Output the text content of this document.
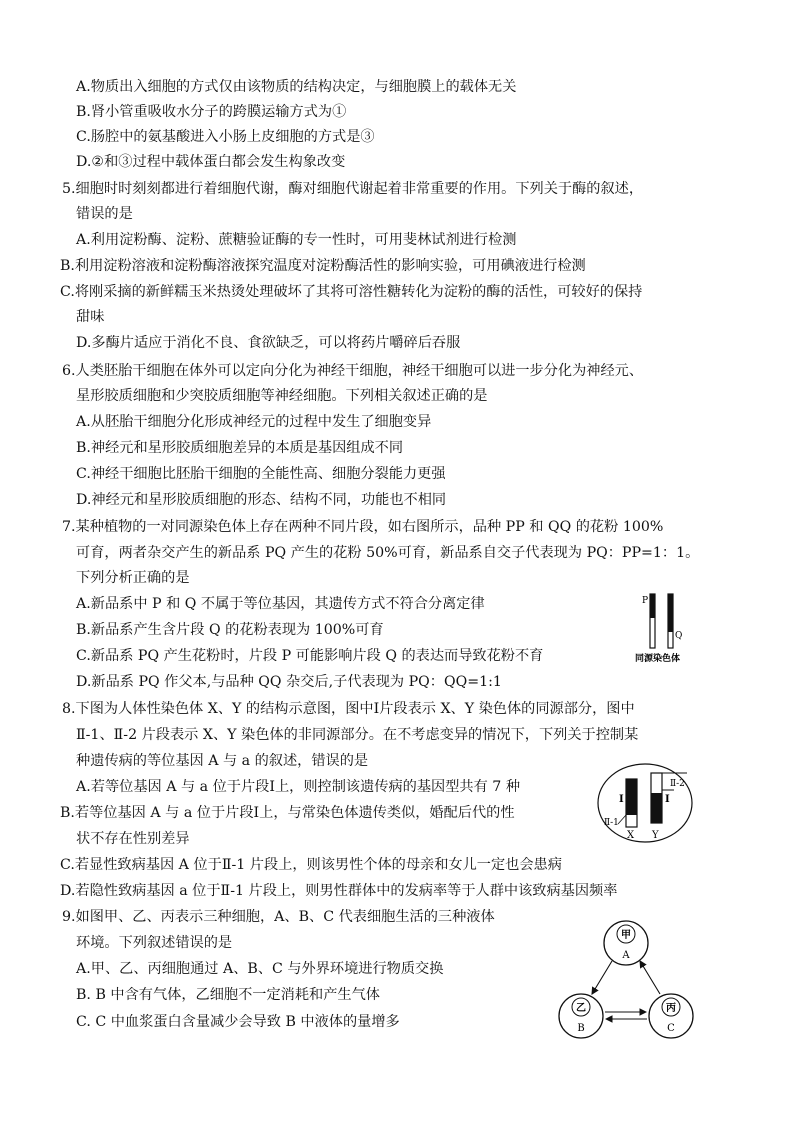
A.物质出入细胞的方式仅由该物质的结构决定，与细胞膜上的载体无关
B.肾小管重吸收水分子的跨膜运输方式为①
C.肠腔中的氨基酸进入小肠上皮细胞的方式是③
D.②和③过程中载体蛋白都会发生构象改变
5.细胞时时刻刻都进行着细胞代谢，酶对细胞代谢起着非常重要的作用。下列关于酶的叙述，
错误的是
A.利用淀粉酶、淀粉、蔗糖验证酶的专一性时，可用斐林试剂进行检测
B.利用淀粉溶液和淀粉酶溶液探究温度对淀粉酶活性的影响实验，可用碘液进行检测
C.将刚采摘的新鲜糯玉米热烫处理破坏了其将可溶性糖转化为淀粉的酶的活性，可较好的保持
甜味
D.多酶片适应于消化不良、食欲缺乏，可以将药片嚼碎后吞服
6.人类胚胎干细胞在体外可以定向分化为神经干细胞，神经干细胞可以进一步分化为神经元、
星形胶质细胞和少突胶质细胞等神经细胞。下列相关叙述正确的是
A.从胚胎干细胞分化形成神经元的过程中发生了细胞变异
B.神经元和星形胶质细胞差异的本质是基因组成不同
C.神经干细胞比胚胎干细胞的全能性高、细胞分裂能力更强
D.神经元和星形胶质细胞的形态、结构不同，功能也不相同
7.某种植物的一对同源染色体上存在两种不同片段，如右图所示，品种 PP 和 QQ 的花粉 100%
可育，两者杂交产生的新品系 PQ 产生的花粉 50%可育，新品系自交子代表现为 PQ：PP=1：1。
下列分析正确的是
A.新品系中 P 和 Q 不属于等位基因，其遗传方式不符合分离定律
B.新品系产生含片段 Q 的花粉表现为 100%可育
C.新品系 PQ 产生花粉时，片段 P 可能影响片段 Q 的表达而导致花粉不育
D.新品系 PQ 作父本,与品种 QQ 杂交后,子代表现为 PQ：QQ=1:1
P
Q
同源染色体
8.下图为人体性染色体 X、Y 的结构示意图，图中Ⅰ片段表示 X、Y 染色体的同源部分，图中
Ⅱ-1、Ⅱ-2 片段表示 X、Y 染色体的非同源部分。在不考虑变异的情况下，下列关于控制某
种遗传病的等位基因 A 与 a 的叙述，错误的是
A.若等位基因 A 与 a 位于片段Ⅰ上，则控制该遗传病的基因型共有 7 种
B.若等位基因 A 与 a 位于片段Ⅰ上，与常染色体遗传类似，婚配后代的性
状不存在性别差异
C.若显性致病基因 A 位于Ⅱ-1 片段上，则该男性个体的母亲和女儿一定也会患病
D.若隐性致病基因 a 位于Ⅱ-1 片段上，则男性群体中的发病率等于人群中该致病基因频率
Ⅰ	Ⅰ
Ⅱ-2
Ⅱ-1
X Y
9.如图甲、乙、丙表示三种细胞，A、B、C 代表细胞生活的三种液体
环境。下列叙述错误的是
A.甲、乙、丙细胞通过 A、B、C 与外界环境进行物质交换
B. B 中含有气体，乙细胞不一定消耗和产生气体
C. C 中血浆蛋白含量减少会导致 B 中液体的量增多
甲
A
乙
B
丙
C
